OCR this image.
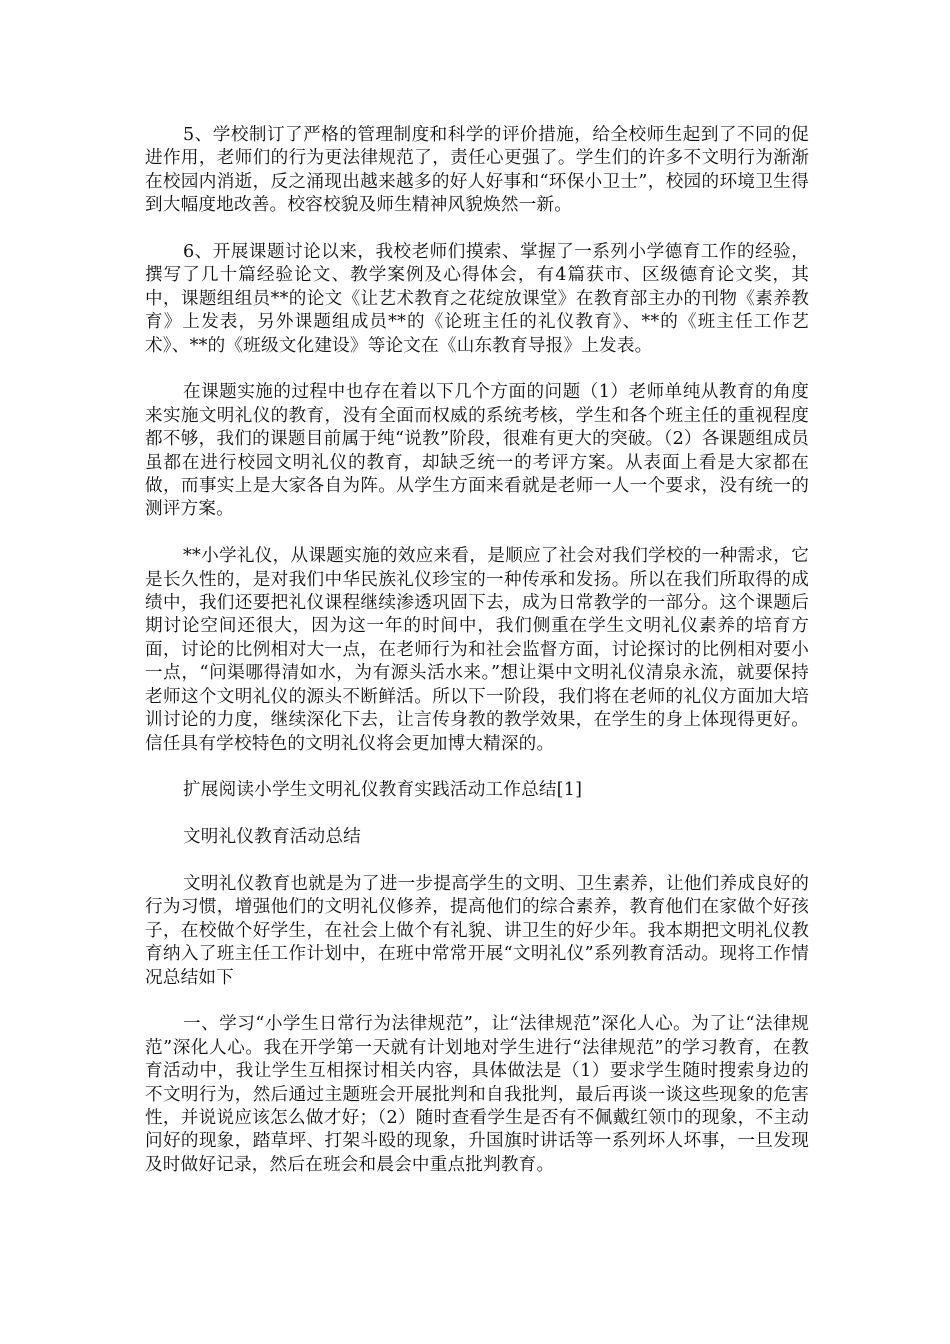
5、学校制订了严格的管理制度和科学的评价措施，给全校师生起到了不同的促进作用，老师们的行为更法律规范了，责任心更强了。学生们的许多不文明行为渐渐在校园内消逝，反之涌现出越来越多的好人好事和“环保小卫士”，校园的环境卫生得到大幅度地改善。校容校貌及师生精神风貌焕然一新。

6、开展课题讨论以来，我校老师们摸索、掌握了一系列小学德育工作的经验，撰写了几十篇经验论文、教学案例及心得体会，有4篇获市、区级德育论文奖，其中，课题组组员**的论文《让艺术教育之花绽放课堂》在教育部主办的刊物《素养教育》上发表，另外课题组成员**的《论班主任的礼仪教育》、**的《班主任工作艺术》、**的《班级文化建设》等论文在《山东教育导报》上发表。

在课题实施的过程中也存在着以下几个方面的问题（1）老师单纯从教育的角度来实施文明礼仪的教育，没有全面而权威的系统考核，学生和各个班主任的重视程度都不够，我们的课题目前属于纯“说教”阶段，很难有更大的突破。（2）各课题组成员虽都在进行校园文明礼仪的教育，却缺乏统一的考评方案。从表面上看是大家都在做，而事实上是大家各自为阵。从学生方面来看就是老师一人一个要求，没有统一的测评方案。

**小学礼仪，从课题实施的效应来看，是顺应了社会对我们学校的一种需求，它是长久性的，是对我们中华民族礼仪珍宝的一种传承和发扬。所以在我们所取得的成绩中，我们还要把礼仪课程继续渗透巩固下去，成为日常教学的一部分。这个课题后期讨论空间还很大，因为这一年的时间中，我们侧重在学生文明礼仪素养的培育方面，讨论的比例相对大一点，在老师行为和社会监督方面，讨论探讨的比例相对要小一点，“问渠哪得清如水，为有源头活水来。”想让渠中文明礼仪清泉永流，就要保持老师这个文明礼仪的源头不断鲜活。所以下一阶段，我们将在老师的礼仪方面加大培训讨论的力度，继续深化下去，让言传身教的教学效果，在学生的身上体现得更好。信任具有学校特色的文明礼仪将会更加博大精深的。

扩展阅读小学生文明礼仪教育实践活动工作总结[1]

文明礼仪教育活动总结

文明礼仪教育也就是为了进一步提高学生的文明、卫生素养，让他们养成良好的行为习惯，增强他们的文明礼仪修养，提高他们的综合素养，教育他们在家做个好孩子，在校做个好学生，在社会上做个有礼貌、讲卫生的好少年。我本期把文明礼仪教育纳入了班主任工作计划中，在班中常常开展“文明礼仪”系列教育活动。现将工作情况总结如下

一、学习“小学生日常行为法律规范”，让“法律规范”深化人心。为了让“法律规范”深化人心。我在开学第一天就有计划地对学生进行“法律规范”的学习教育，在教育活动中，我让学生互相探讨相关内容，具体做法是（1）要求学生随时搜索身边的不文明行为，然后通过主题班会开展批判和自我批判，最后再谈一谈这些现象的危害性，并说说应该怎么做才好；（2）随时查看学生是否有不佩戴红领巾的现象，不主动问好的现象，踏草坪、打架斗殴的现象，升国旗时讲话等一系列坏人坏事，一旦发现及时做好记录，然后在班会和晨会中重点批判教育。
